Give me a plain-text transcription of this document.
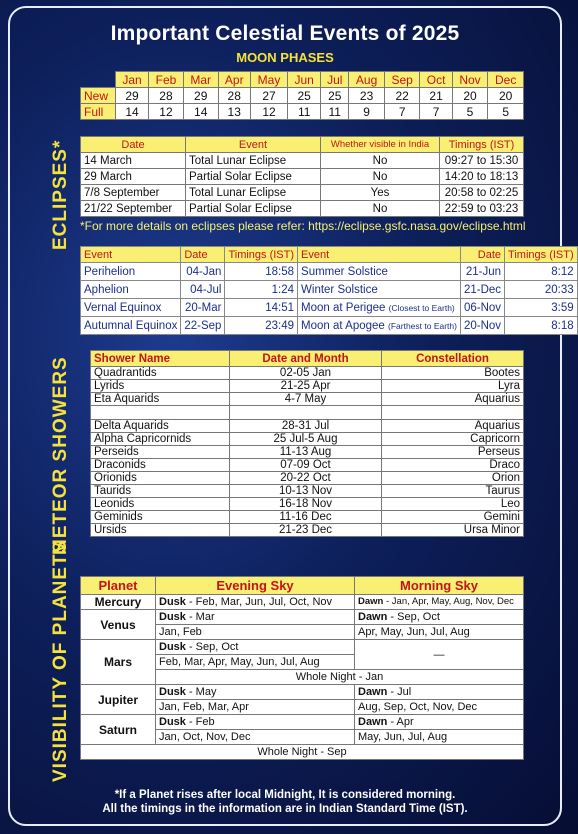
Important Celestial Events of 2025
MOON PHASES
	Jan	Feb	Mar	Apr	May	Jun	Jul	Aug	Sep	Oct	Nov	Dec
New	29	28	29	28	27	25	25	23	22	21	20	20
Full	14	12	14	13	12	11	11	9	7	7	5	5
ECLIPSES*	Date	Event	Whether visible in India	Timings (IST)
14 March	Total Lunar Eclipse	No	09:27 to 15:30
29 March	Partial Solar Eclipse	No	14:20 to 18:13
7/8 September	Total Lunar Eclipse	Yes	20:58 to 02:25
21/22 September	Partial Solar Eclipse	No	22:59 to 03:23
*For more details on eclipses please refer: https://eclipse.gsfc.nasa.gov/eclipse.html
Event	Date	Timings (IST)	Event	Date	Timings (IST)
Perihelion	04-Jan	18:58	Summer Solstice	21-Jun	8:12
Aphelion	04-Jul	1:24	Winter Solstice	21-Dec	20:33
Vernal Equinox	20-Mar	14:51	Moon at Perigee (Closest to Earth)	06-Nov	3:59
Autumnal Equinox	22-Sep	23:49	Moon at Apogee (Farthest to Earth)	20-Nov	8:18
METEOR SHOWERS Shower Name	Date and Month	Constellation
Quadrantids	02-05 Jan	Bootes
Lyrids	21-25 Apr	Lyra
Eta Aquarids	4-7 May	Aquarius

Delta Aquarids	28-31 Jul	Aquarius
Alpha Capricornids	25 Jul-5 Aug	Capricorn
Perseids	11-13 Aug	Perseus
Draconids	07-09 Oct	Draco
Orionids	20-22 Oct	Orion
Taurids	10-13 Nov	Taurus
Leonids	16-18 Nov	Leo
Geminids	11-16 Dec	Gemini
Ursids	21-23 Dec	Ursa Minor
VISIBILITY OF PLANETS Planet	Evening Sky	Morning Sky
Mercury	Dusk - Feb, Mar, Jun, Jul, Oct, Nov	Dawn - Jan, Apr, May, Aug, Nov, Dec
Venus	Dusk - Mar	Dawn - Sep, Oct
	Jan, Feb	Apr, May, Jun, Jul, Aug
Mars	Dusk - Sep, Oct	—
	Feb, Mar, Apr, May, Jun, Jul, Aug	
	Whole Night - Jan	
Jupiter	Dusk - May	Dawn - Jul
	Jan, Feb, Mar, Apr	Aug, Sep, Oct, Nov, Dec
Saturn	Dusk - Feb	Dawn - Apr
	Jan, Oct, Nov, Dec	May, Jun, Jul, Aug
Whole Night - Sep		
*If a Planet rises after local Midnight, It is considered morning.
All the timings in the information are in Indian Standard Time (IST).
